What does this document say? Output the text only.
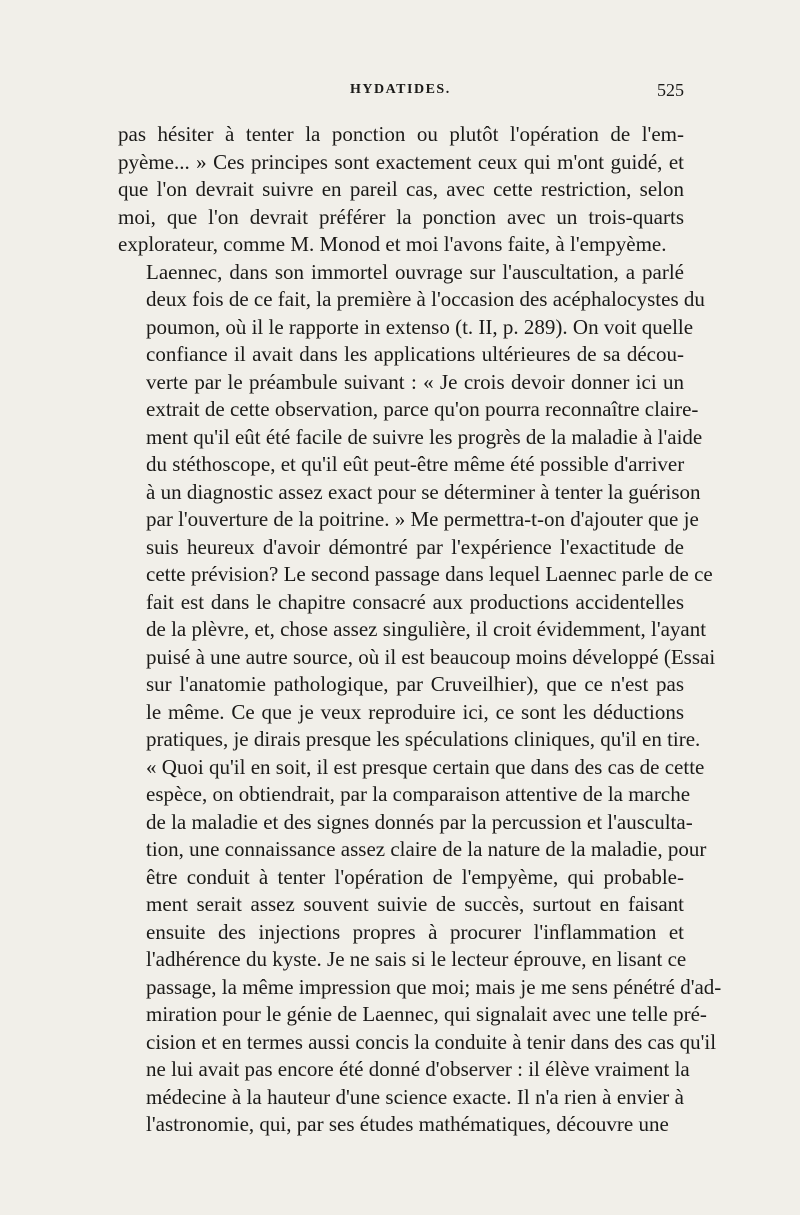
HYDATIDES.	525

pas hésiter à tenter la ponction ou plutôt l'opération de l'em-
pyème... » Ces principes sont exactement ceux qui m'ont guidé, et
que l'on devrait suivre en pareil cas, avec cette restriction, selon
moi, que l'on devrait préférer la ponction avec un trois-quarts
explorateur, comme M. Monod et moi l'avons faite, à l'empyème.

Laennec, dans son immortel ouvrage sur l'auscultation, a parlé
deux fois de ce fait, la première à l'occasion des acéphalocystes du
poumon, où il le rapporte in extenso (t. II, p. 289). On voit quelle
confiance il avait dans les applications ultérieures de sa décou-
verte par le préambule suivant : « Je crois devoir donner ici un
extrait de cette observation, parce qu'on pourra reconnaître claire-
ment qu'il eût été facile de suivre les progrès de la maladie à l'aide
du stéthoscope, et qu'il eût peut-être même été possible d'arriver
à un diagnostic assez exact pour se déterminer à tenter la guérison
par l'ouverture de la poitrine. » Me permettra-t-on d'ajouter que je
suis heureux d'avoir démontré par l'expérience l'exactitude de
cette prévision? Le second passage dans lequel Laennec parle de ce
fait est dans le chapitre consacré aux productions accidentelles
de la plèvre, et, chose assez singulière, il croit évidemment, l'ayant
puisé à une autre source, où il est beaucoup moins développé (Essai
sur l'anatomie pathologique, par Cruveilhier), que ce n'est pas
le même. Ce que je veux reproduire ici, ce sont les déductions
pratiques, je dirais presque les spéculations cliniques, qu'il en tire.
« Quoi qu'il en soit, il est presque certain que dans des cas de cette
espèce, on obtiendrait, par la comparaison attentive de la marche
de la maladie et des signes donnés par la percussion et l'ausculta-
tion, une connaissance assez claire de la nature de la maladie, pour
être conduit à tenter l'opération de l'empyème, qui probable-
ment serait assez souvent suivie de succès, surtout en faisant
ensuite des injections propres à procurer l'inflammation et
l'adhérence du kyste. Je ne sais si le lecteur éprouve, en lisant ce
passage, la même impression que moi; mais je me sens pénétré d'ad-
miration pour le génie de Laennec, qui signalait avec une telle pré-
cision et en termes aussi concis la conduite à tenir dans des cas qu'il
ne lui avait pas encore été donné d'observer : il élève vraiment la
médecine à la hauteur d'une science exacte. Il n'a rien à envier à
l'astronomie, qui, par ses études mathématiques, découvre une
